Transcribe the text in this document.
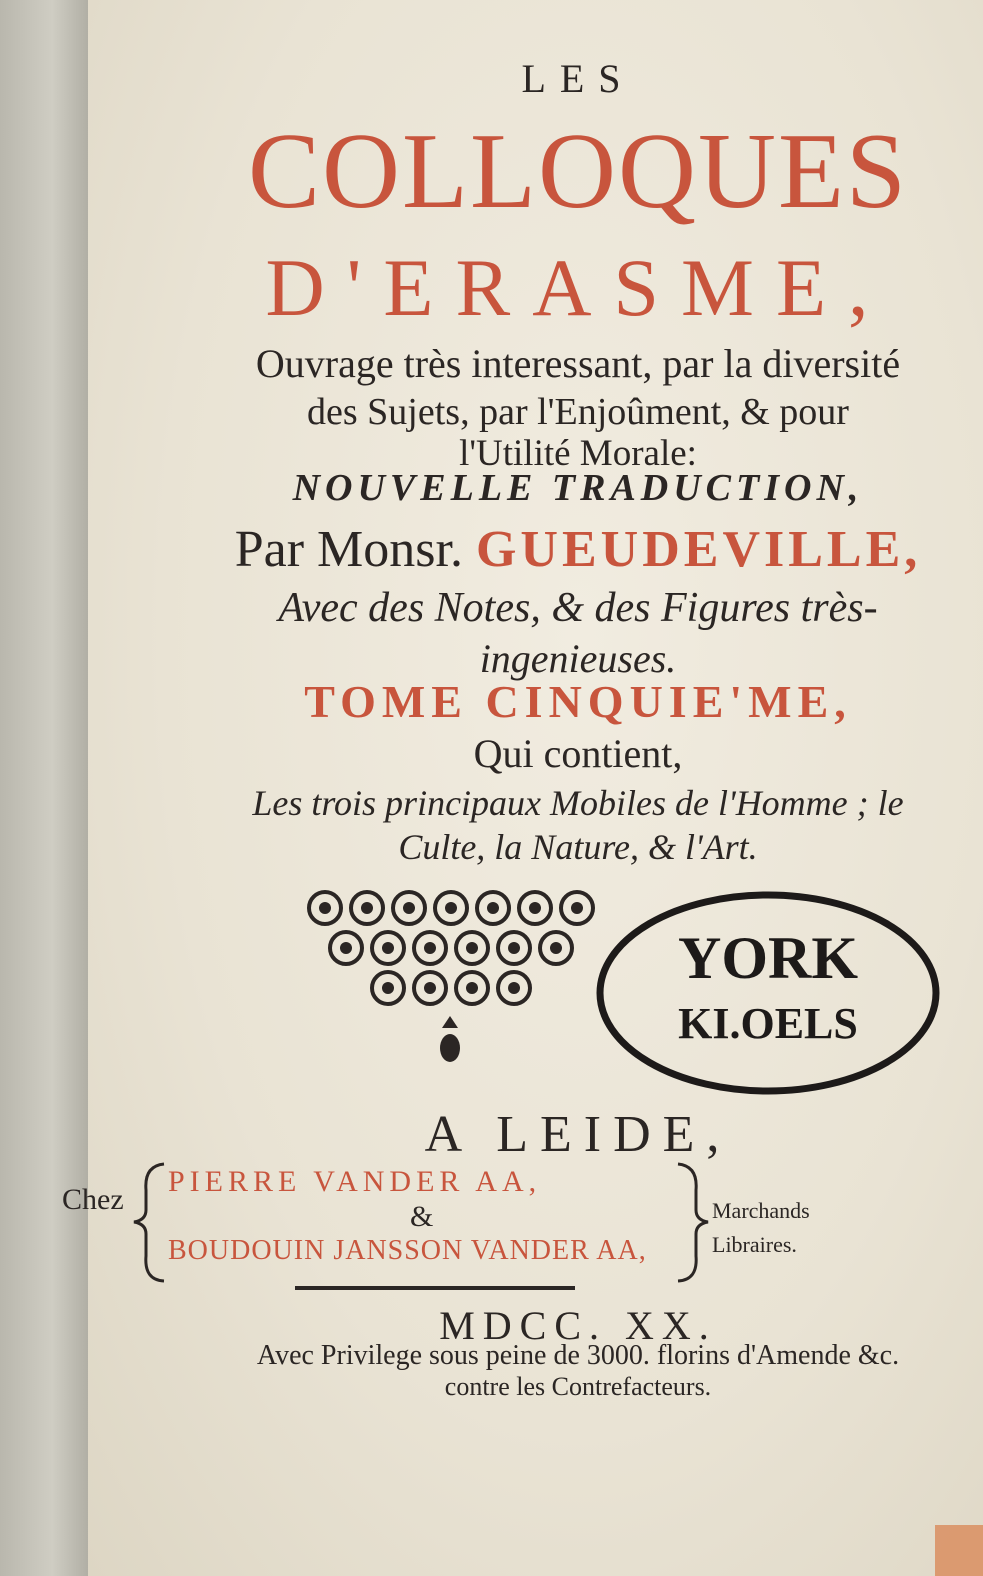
LES
COLLOQUES
D'ERASME,
Ouvrage très interessant, par la diversité
des Sujets, par l'Enjoûment, & pour
l'Utilité Morale:
NOUVELLE TRADUCTION,
Par Monsr. GUEUDEVILLE,
Avec des Notes, & des Figures très-
ingenieuses.
TOME CINQUIE'ME,
Qui contient,
Les trois principaux Mobiles de l'Homme ; le
Culte, la Nature, & l'Art.
YORK
KI.OELS
A LEIDE,
Chez
PIERRE VANDER AA,
&
BOUDOUIN JANSSON VANDER AA,
Marchands
Libraires.
MDCC. XX.
Avec Privilege sous peine de 3000. florins d'Amende &c.
contre les Contrefacteurs.
